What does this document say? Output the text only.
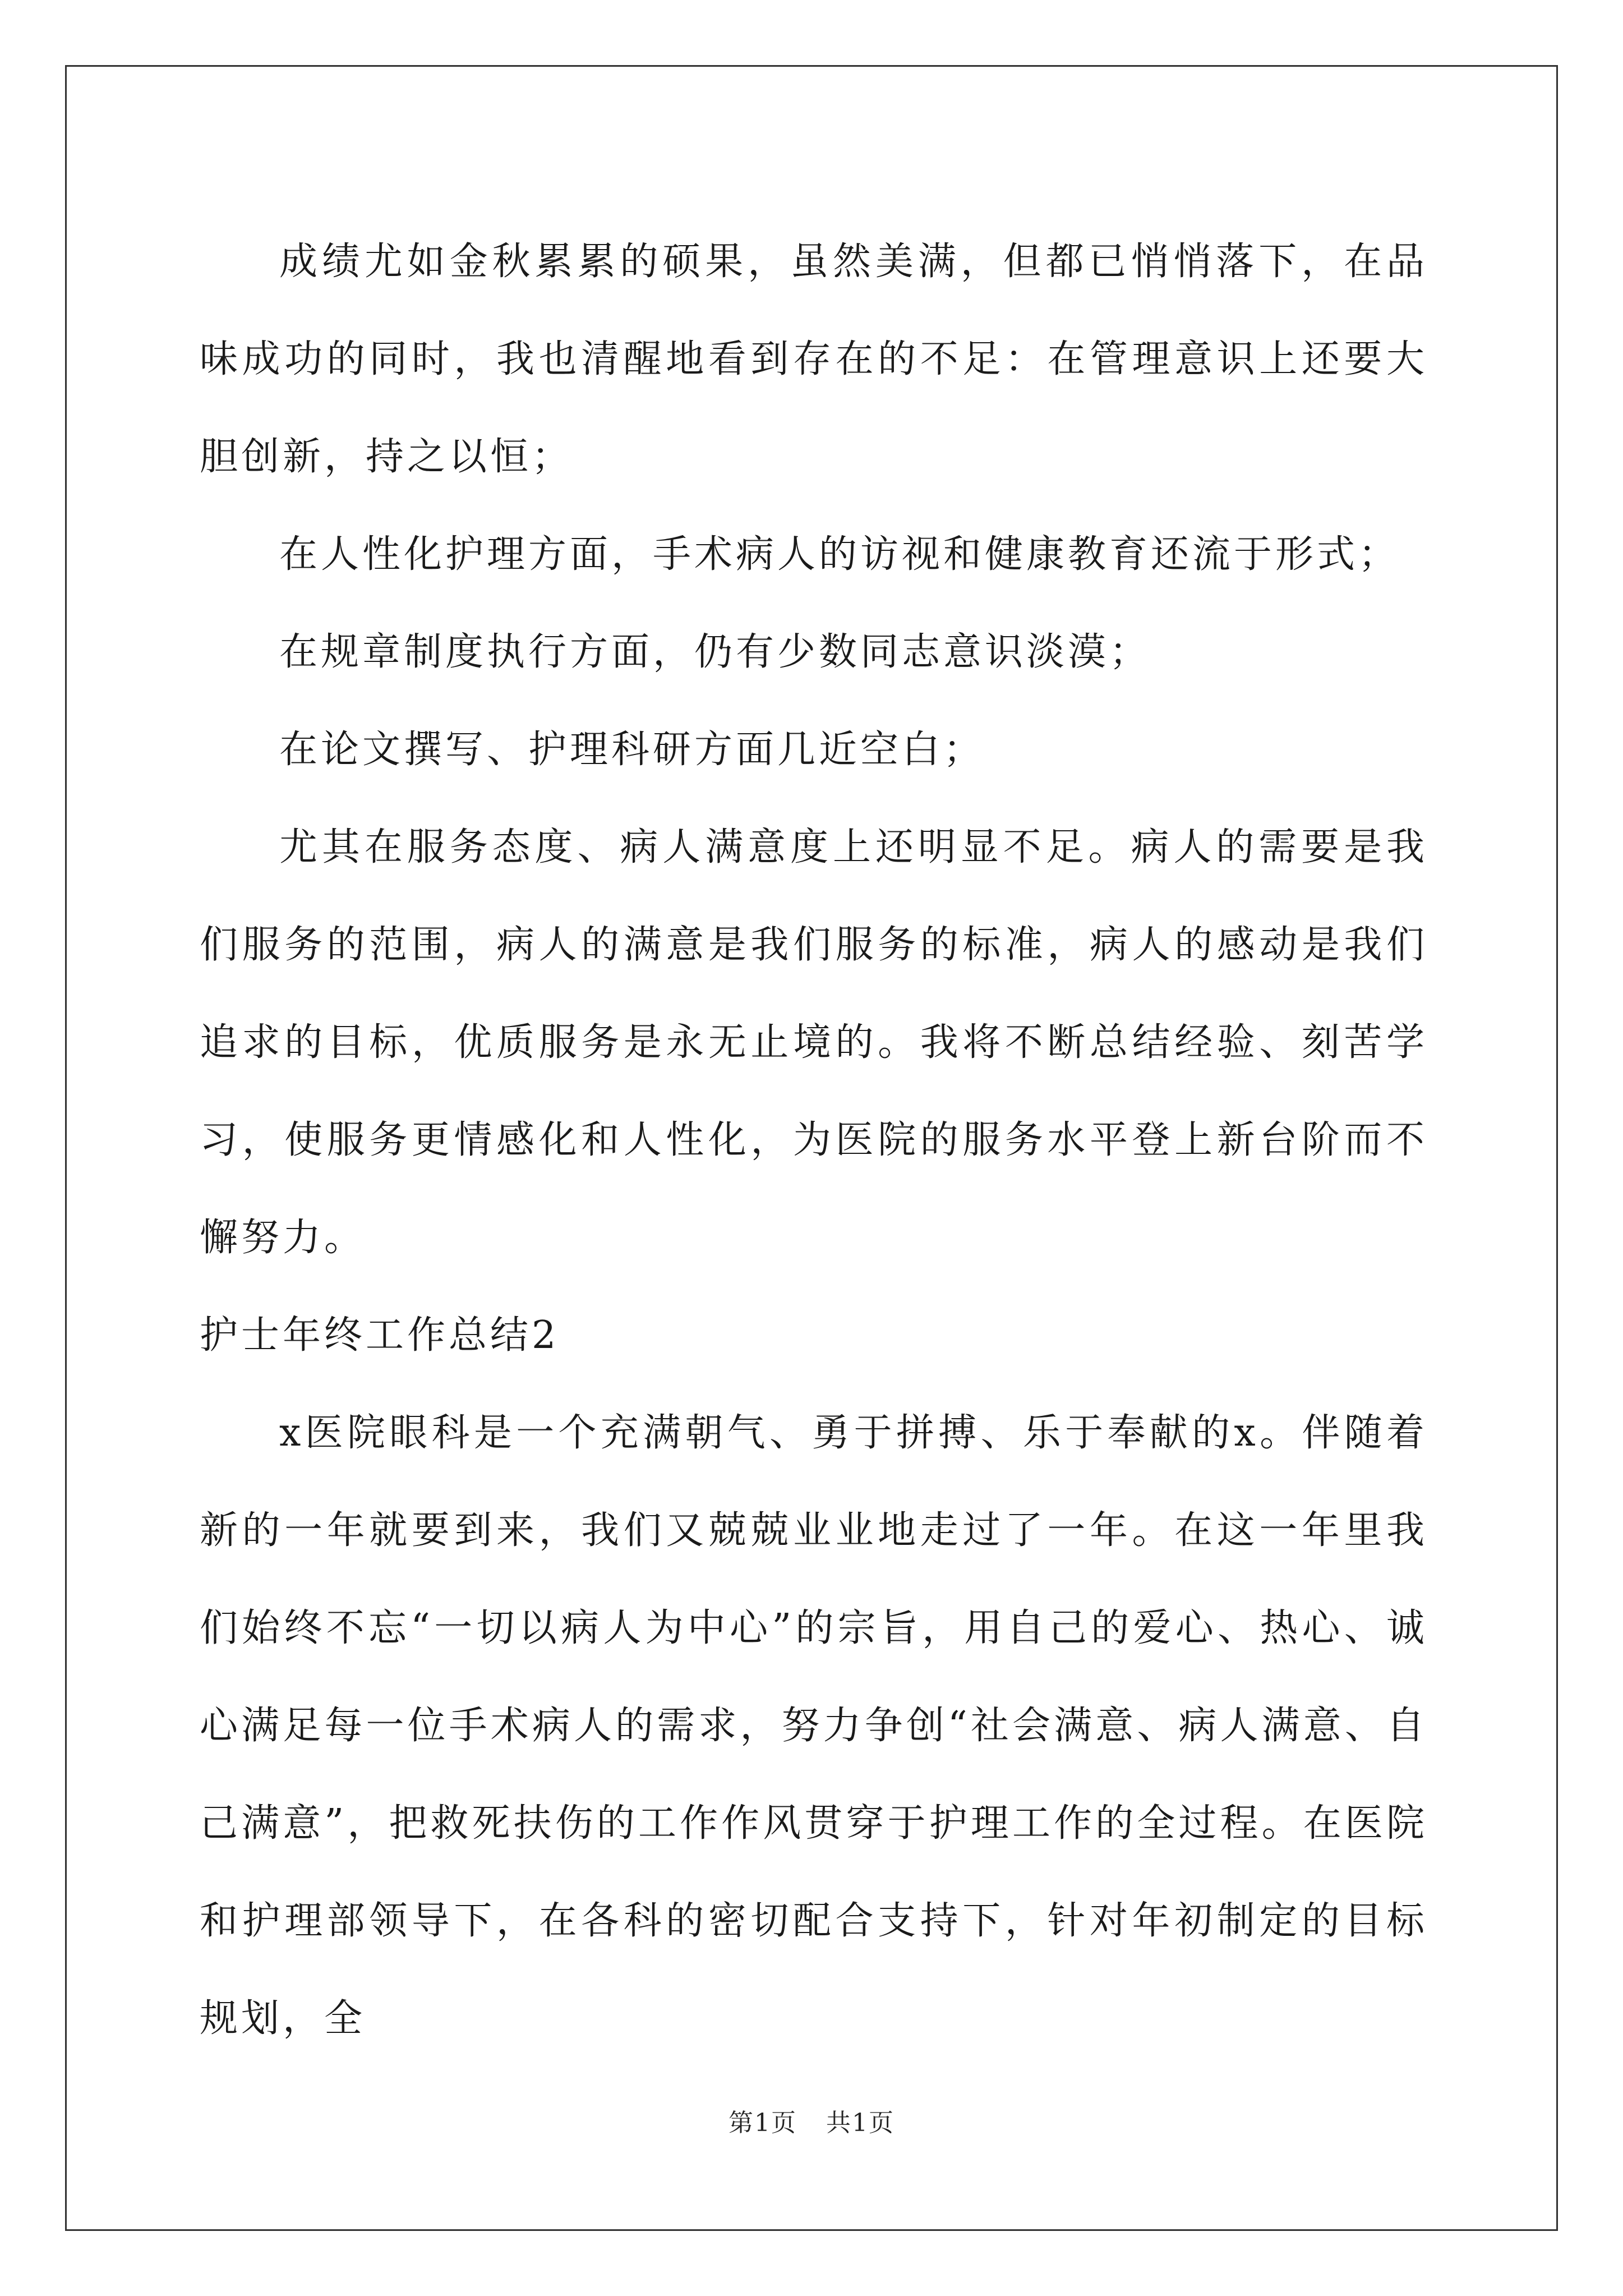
成绩尤如金秋累累的硕果，虽然美满，但都已悄悄落下，在品味成功的同时，我也清醒地看到存在的不足：在管理意识上还要大胆创新，持之以恒；

在人性化护理方面，手术病人的访视和健康教育还流于形式；

在规章制度执行方面，仍有少数同志意识淡漠；

在论文撰写、护理科研方面几近空白；

尤其在服务态度、病人满意度上还明显不足。病人的需要是我们服务的范围，病人的满意是我们服务的标准，病人的感动是我们追求的目标，优质服务是永无止境的。我将不断总结经验、刻苦学习，使服务更情感化和人性化，为医院的服务水平登上新台阶而不懈努力。

护士年终工作总结2

x医院眼科是一个充满朝气、勇于拼搏、乐于奉献的x。伴随着新的一年就要到来，我们又兢兢业业地走过了一年。在这一年里我们始终不忘“一切以病人为中心”的宗旨，用自己的爱心、热心、诚心满足每一位手术病人的需求，努力争创“社会满意、病人满意、自己满意”，把救死扶伤的工作作风贯穿于护理工作的全过程。在医院和护理部领导下，在各科的密切配合支持下，针对年初制定的目标规划，全

第1页 共1页
